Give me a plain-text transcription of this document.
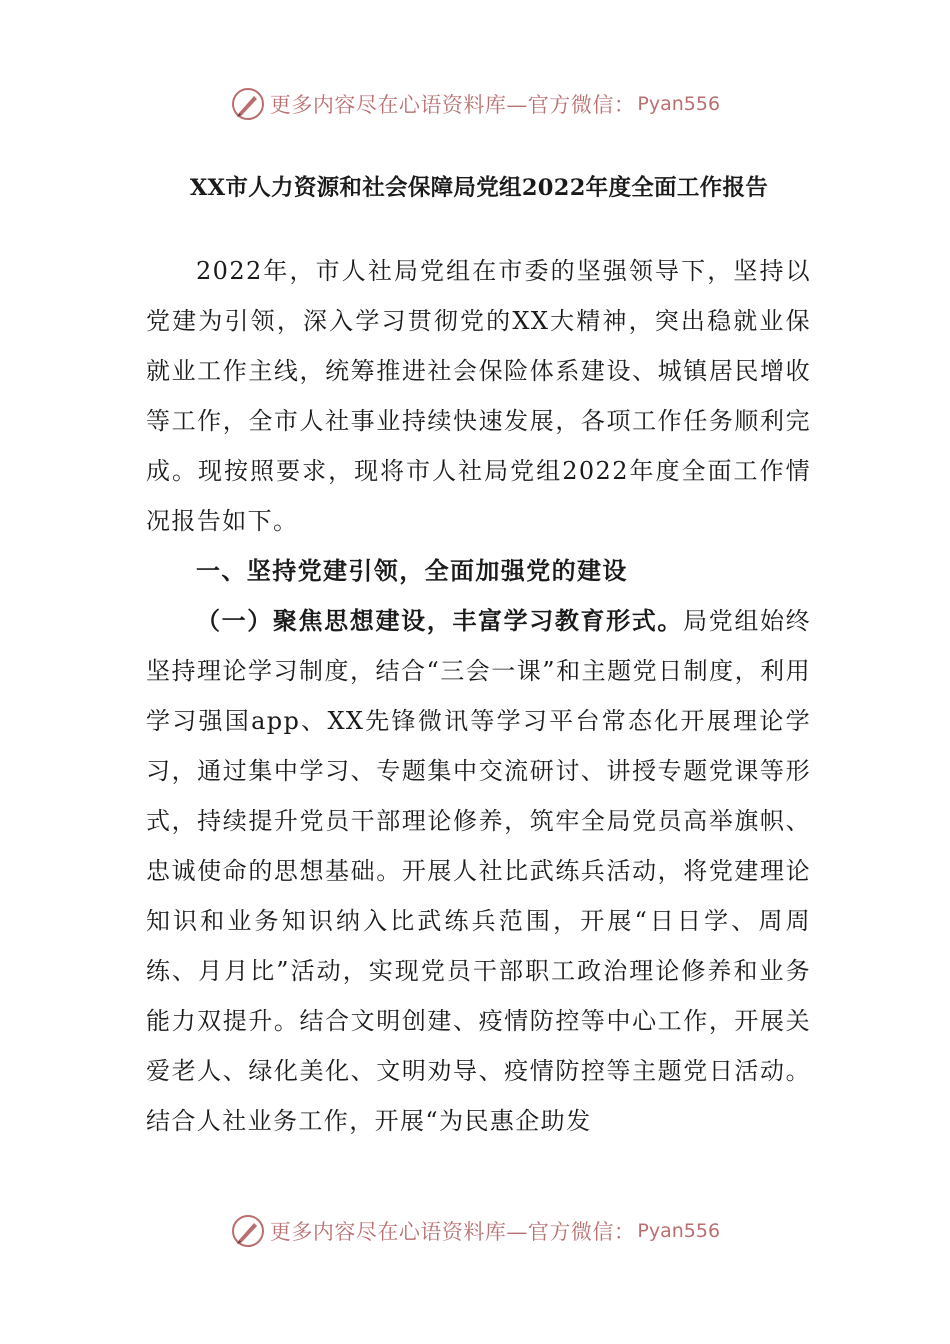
更多内容尽在心语资料库—官方微信： Pyan556
XX市人力资源和社会保障局党组2022年度全面工作报告

2022年，市人社局党组在市委的坚强领导下，坚持以党建为引领，深入学习贯彻党的XX大精神，突出稳就业保就业工作主线，统筹推进社会保险体系建设、城镇居民增收等工作，全市人社事业持续快速发展，各项工作任务顺利完成。现按照要求，现将市人社局党组2022年度全面工作情况报告如下。

一、坚持党建引领，全面加强党的建设

（一）聚焦思想建设，丰富学习教育形式。局党组始终坚持理论学习制度，结合“三会一课”和主题党日制度，利用学习强国app、XX先锋微讯等学习平台常态化开展理论学习，通过集中学习、专题集中交流研讨、讲授专题党课等形式，持续提升党员干部理论修养，筑牢全局党员高举旗帜、忠诚使命的思想基础。开展人社比武练兵活动，将党建理论知识和业务知识纳入比武练兵范围，开展“日日学、周周练、月月比”活动，实现党员干部职工政治理论修养和业务能力双提升。结合文明创建、疫情防控等中心工作，开展关爱老人、绿化美化、文明劝导、疫情防控等主题党日活动。结合人社业务工作，开展“为民惠企助发

更多内容尽在心语资料库—官方微信： Pyan556
